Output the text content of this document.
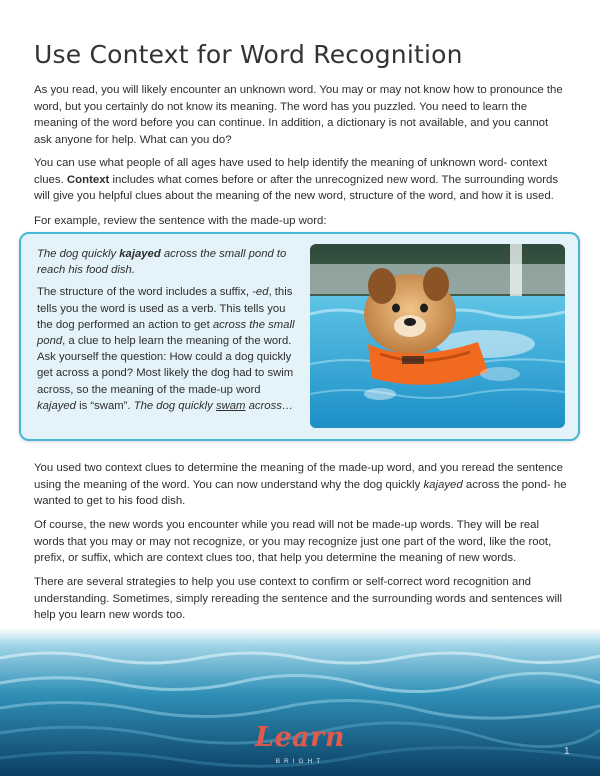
Use Context for Word Recognition

As you read, you will likely encounter an unknown word. You may or may not know how to pronounce the word, but you certainly do not know its meaning. The word has you puzzled. You need to learn the meaning of the word before you can continue. In addition, a dictionary is not available, and you cannot ask anyone for help. What can you do?

You can use what people of all ages have used to help identify the meaning of unknown word- context clues. Context includes what comes before or after the unrecognized new word. The surrounding words will give you helpful clues about the meaning of the new word, structure of the word, and how it is used.

For example, review the sentence with the made-up word:

The dog quickly kajayed across the small pond to reach his food dish.

The structure of the word includes a suffix, -ed, this tells you the word is used as a verb. This tells you the dog performed an action to get across the small pond, a clue to help learn the meaning of the word. Ask yourself the question: How could a dog quickly get across a pond? Most likely the dog had to swim across, so the meaning of the made-up word kajayed is “swam”. The dog quickly swam across…

You used two context clues to determine the meaning of the made-up word, and you reread the sentence using the meaning of the word. You can now understand why the dog quickly kajayed across the pond- he wanted to get to his food dish.

Of course, the new words you encounter while you read will not be made-up words. They will be real words that you may or may not recognize, or you may recognize just one part of the word, like the root, prefix, or suffix, which are context clues too, that help you determine the meaning of new words.

There are several strategies to help you use context to confirm or self-correct word recognition and understanding. Sometimes, simply rereading the sentence and the surrounding words and sentences will help you learn new words too.

Learn
BRIGHT
1
